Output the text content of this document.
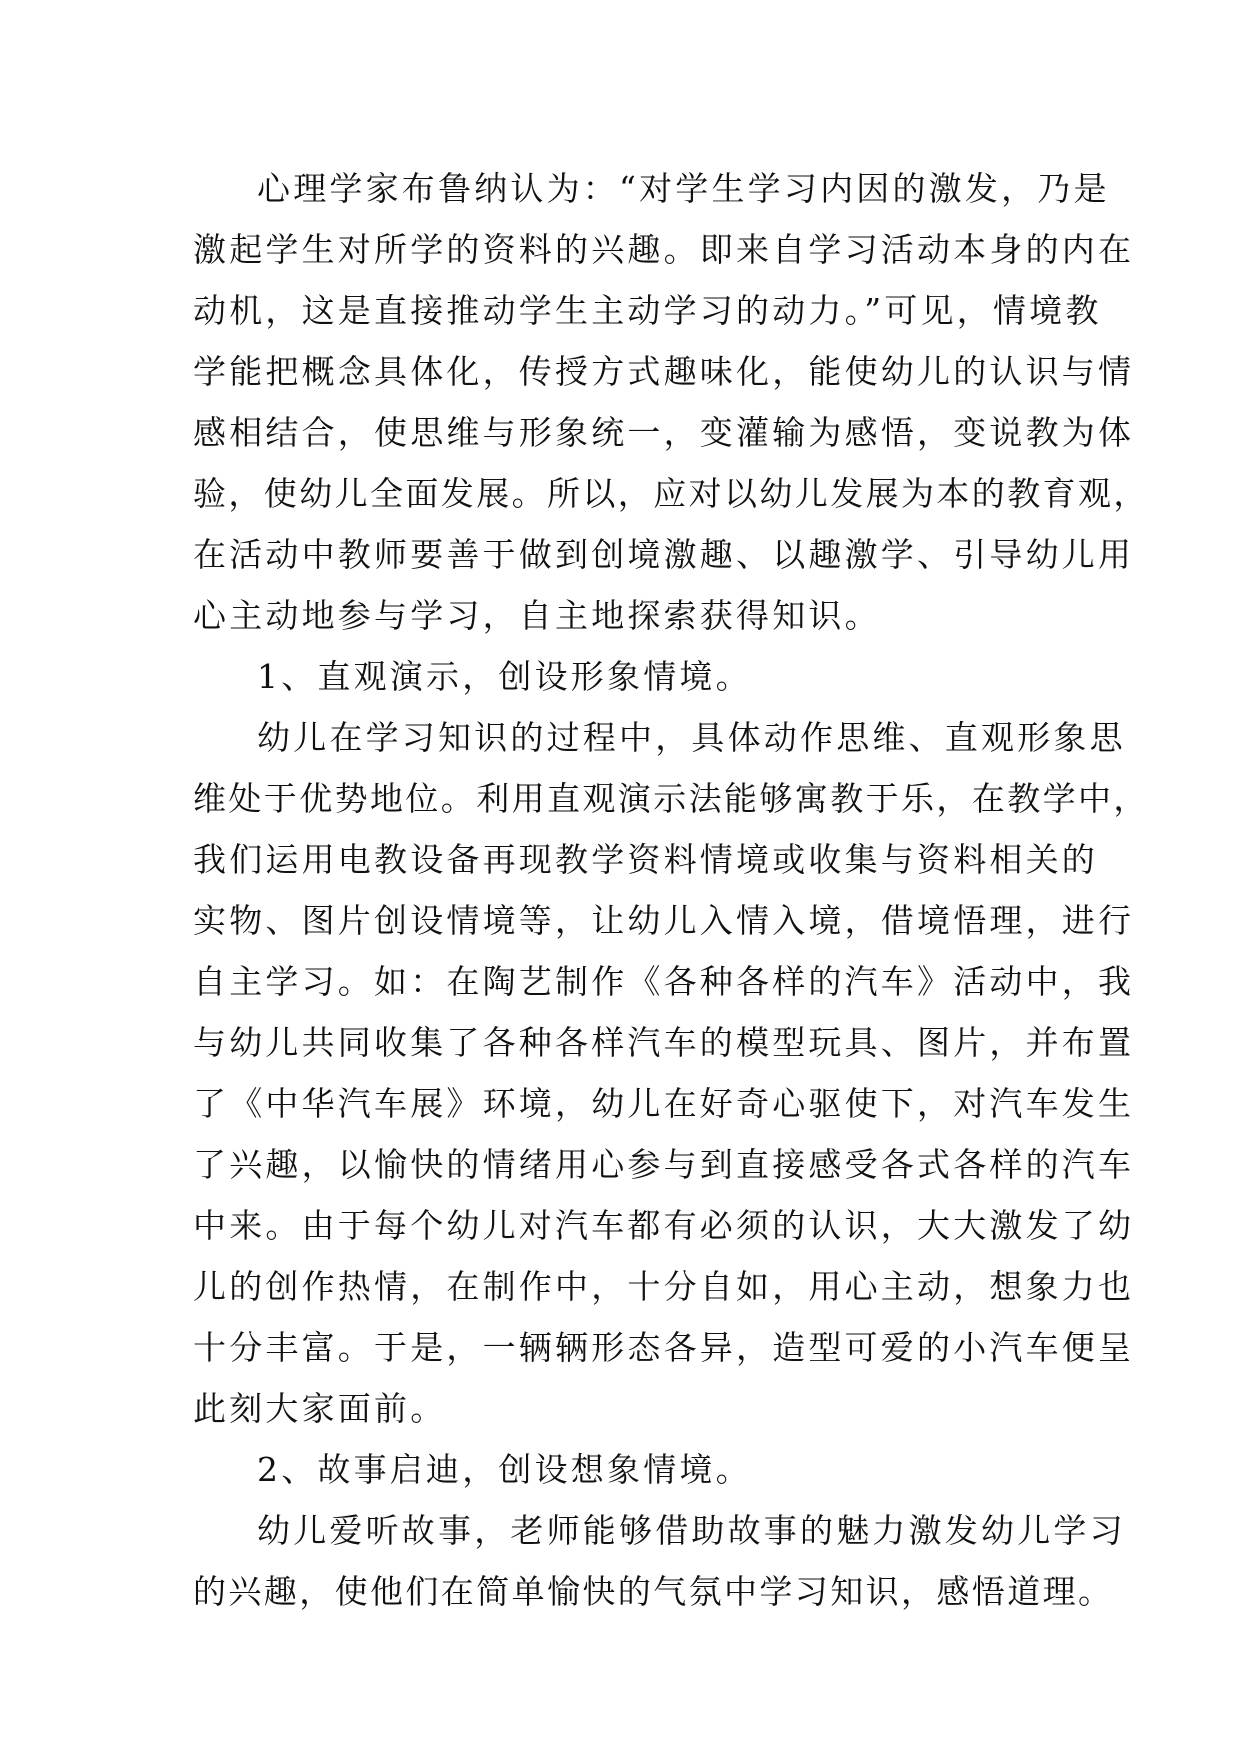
心理学家布鲁纳认为：“对学生学习内因的激发，乃是
激起学生对所学的资料的兴趣。即来自学习活动本身的内在
动机，这是直接推动学生主动学习的动力。”可见，情境教
学能把概念具体化，传授方式趣味化，能使幼儿的认识与情
感相结合，使思维与形象统一，变灌输为感悟，变说教为体
验，使幼儿全面发展。所以，应对以幼儿发展为本的教育观，
在活动中教师要善于做到创境激趣、以趣激学、引导幼儿用
心主动地参与学习，自主地探索获得知识。
1、直观演示，创设形象情境。
幼儿在学习知识的过程中，具体动作思维、直观形象思
维处于优势地位。利用直观演示法能够寓教于乐，在教学中，
我们运用电教设备再现教学资料情境或收集与资料相关的
实物、图片创设情境等，让幼儿入情入境，借境悟理，进行
自主学习。如：在陶艺制作《各种各样的汽车》活动中，我
与幼儿共同收集了各种各样汽车的模型玩具、图片，并布置
了《中华汽车展》环境，幼儿在好奇心驱使下，对汽车发生
了兴趣，以愉快的情绪用心参与到直接感受各式各样的汽车
中来。由于每个幼儿对汽车都有必须的认识，大大激发了幼
儿的创作热情，在制作中，十分自如，用心主动，想象力也
十分丰富。于是，一辆辆形态各异，造型可爱的小汽车便呈
此刻大家面前。
2、故事启迪，创设想象情境。
幼儿爱听故事，老师能够借助故事的魅力激发幼儿学习
的兴趣，使他们在简单愉快的气氛中学习知识，感悟道理。
